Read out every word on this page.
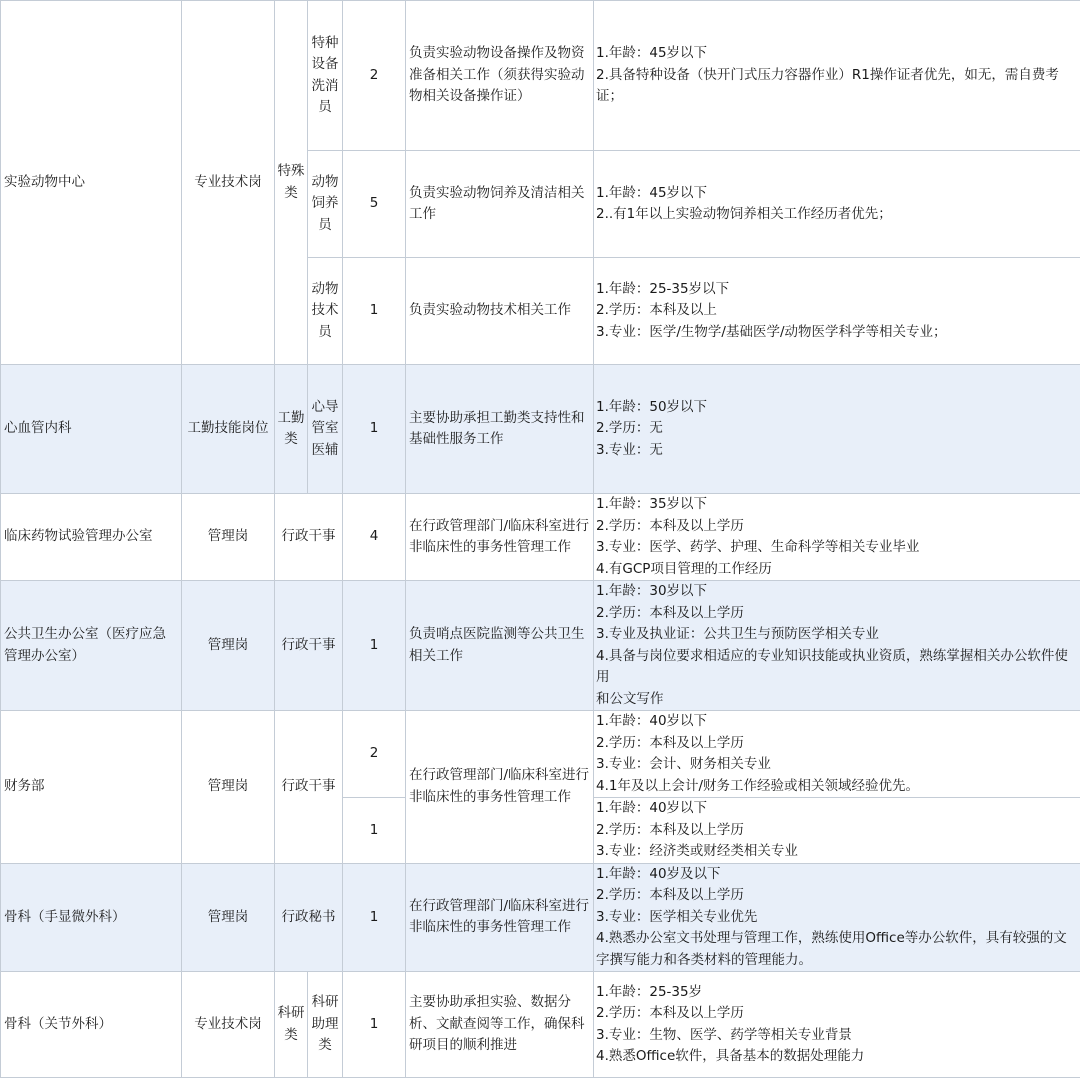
实验动物中心	专业技术岗	特殊类	特种设备洗消员	2	负责实验动物设备操作及物资准备相关工作（须获得实验动物相关设备操作证）	1.年龄：45岁以下
2.具备特种设备（快开门式压力容器作业）R1操作证者优先，如无，需自费考证；

			动物饲养员	5	负责实验动物饲养及清洁相关工作	1.年龄：45岁以下
2..有1年以上实验动物饲养相关工作经历者优先；

			动物技术员	1	负责实验动物技术相关工作	1.年龄：25-35岁以下
2.学历：本科及以上
3.专业：医学/生物学/基础医学/动物医学科学等相关专业；

心血管内科	工勤技能岗位	工勤类	心导管室医辅	1	主要协助承担工勤类支持性和基础性服务工作	1.年龄：50岁以下
2.学历：无
3.专业：无

临床药物试验管理办公室	管理岗	行政干事		4	在行政管理部门/临床科室进行非临床性的事务性管理工作	1.年龄：35岁以下
2.学历：本科及以上学历
3.专业：医学、药学、护理、生命科学等相关专业毕业
4.有GCP项目管理的工作经历

公共卫生办公室（医疗应急管理办公室）	管理岗	行政干事		1	负责哨点医院监测等公共卫生相关工作	1.年龄：30岁以下
2.学历：本科及以上学历
3.专业及执业证：公共卫生与预防医学相关专业
4.具备与岗位要求相适应的专业知识技能或执业资质，熟练掌握相关办公软件使用
和公文写作

财务部	管理岗	行政干事		2	在行政管理部门/临床科室进行非临床性的事务性管理工作	1.年龄：40岁以下
2.学历：本科及以上学历
3.专业：会计、财务相关专业
4.1年及以上会计/财务工作经验或相关领域经验优先。

				1		1.年龄：40岁以下
2.学历：本科及以上学历
3.专业：经济类或财经类相关专业

骨科（手显微外科）	管理岗	行政秘书		1	在行政管理部门/临床科室进行非临床性的事务性管理工作	1.年龄：40岁及以下
2.学历：本科及以上学历
3.专业：医学相关专业优先
4.熟悉办公室文书处理与管理工作，熟练使用Office等办公软件，具有较强的文字撰写能力和各类材料的管理能力。

骨科（关节外科）	专业技术岗	科研类	科研助理类	1	主要协助承担实验、数据分析、文献查阅等工作，确保科研项目的顺利推进	1.年龄：25-35岁
2.学历：本科及以上学历
3.专业：生物、医学、药学等相关专业背景
4.熟悉Office软件，具备基本的数据处理能力
